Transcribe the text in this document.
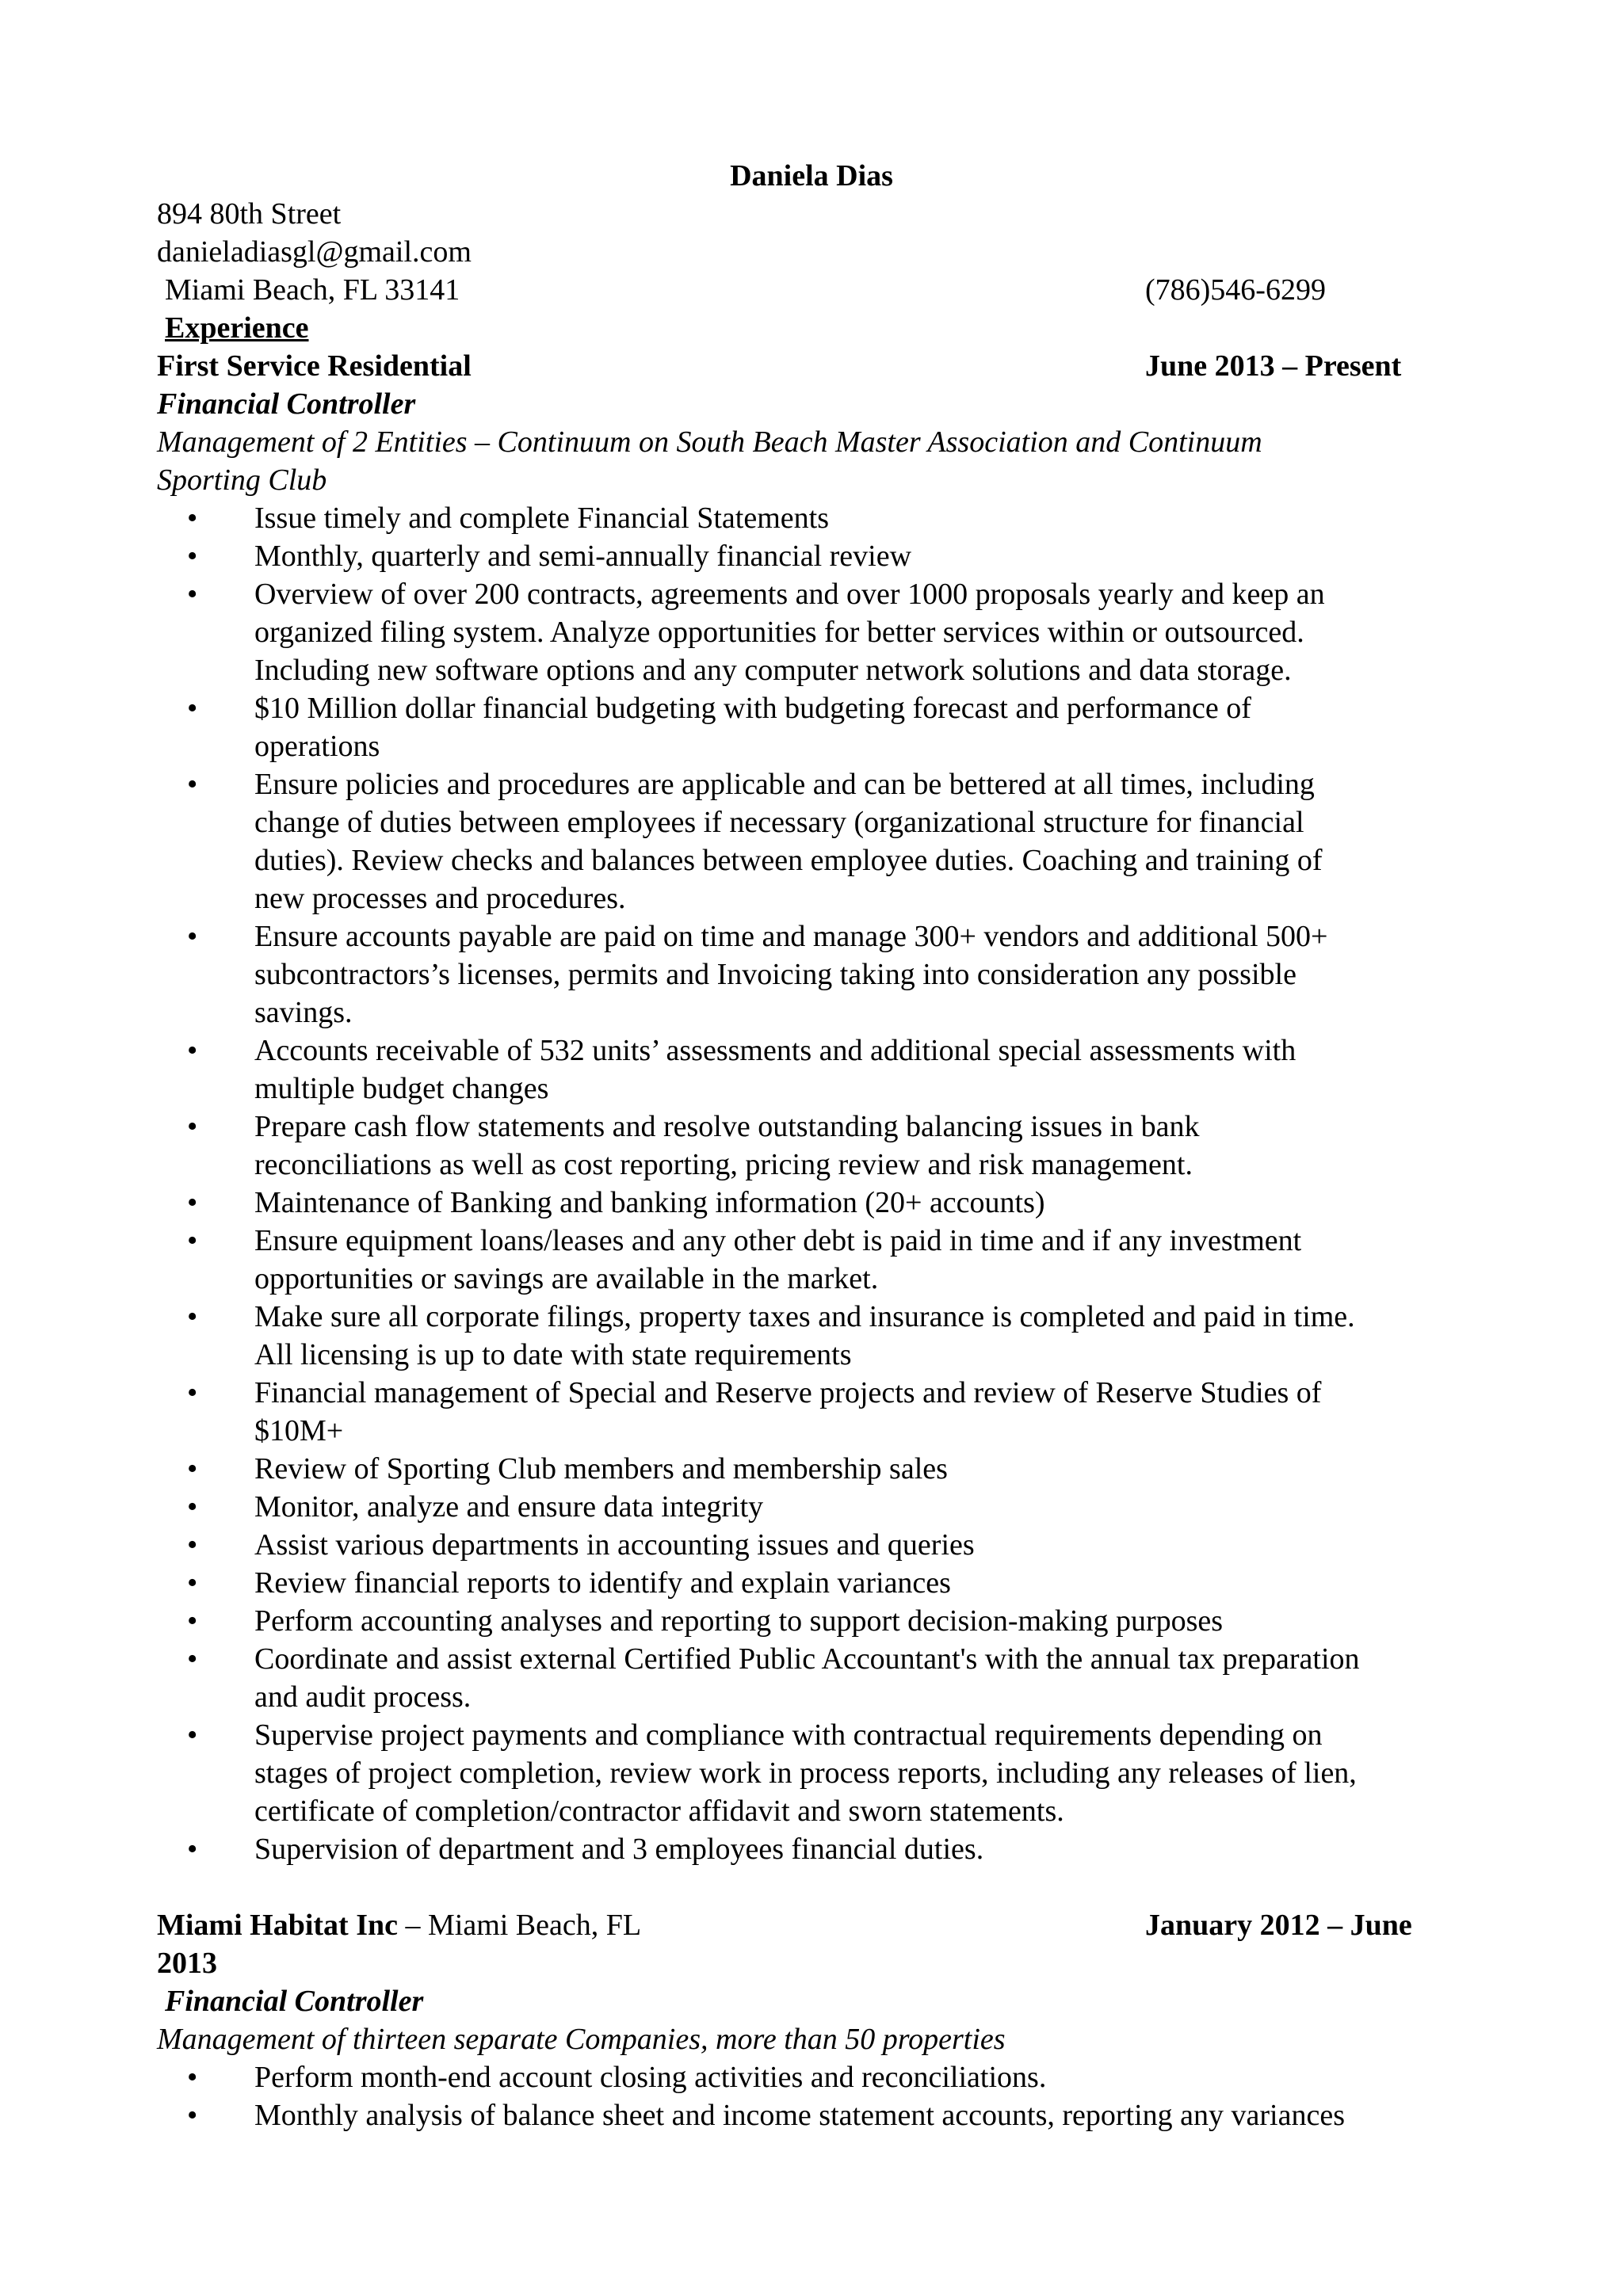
Daniela Dias
894 80th Street
danieladiasgl@gmail.com
Miami Beach, FL 33141	(786)546-6299
Experience
First Service Residential	June 2013 – Present
Financial Controller
Management of 2 Entities – Continuum on South Beach Master Association and Continuum
Sporting Club
• Issue timely and complete Financial Statements
• Monthly, quarterly and semi-annually financial review
• Overview of over 200 contracts, agreements and over 1000 proposals yearly and keep an
organized filing system. Analyze opportunities for better services within or outsourced.
Including new software options and any computer network solutions and data storage.
• $10 Million dollar financial budgeting with budgeting forecast and performance of
operations
• Ensure policies and procedures are applicable and can be bettered at all times, including
change of duties between employees if necessary (organizational structure for financial
duties). Review checks and balances between employee duties. Coaching and training of
new processes and procedures.
• Ensure accounts payable are paid on time and manage 300+ vendors and additional 500+
subcontractors’s licenses, permits and Invoicing taking into consideration any possible
savings.
• Accounts receivable of 532 units’ assessments and additional special assessments with
multiple budget changes
• Prepare cash flow statements and resolve outstanding balancing issues in bank
reconciliations as well as cost reporting, pricing review and risk management.
• Maintenance of Banking and banking information (20+ accounts)
• Ensure equipment loans/leases and any other debt is paid in time and if any investment
opportunities or savings are available in the market.
• Make sure all corporate filings, property taxes and insurance is completed and paid in time.
All licensing is up to date with state requirements
• Financial management of Special and Reserve projects and review of Reserve Studies of
$10M+
• Review of Sporting Club members and membership sales
• Monitor, analyze and ensure data integrity
• Assist various departments in accounting issues and queries
• Review financial reports to identify and explain variances
• Perform accounting analyses and reporting to support decision-making purposes
• Coordinate and assist external Certified Public Accountant's with the annual tax preparation
and audit process.
• Supervise project payments and compliance with contractual requirements depending on
stages of project completion, review work in process reports, including any releases of lien,
certificate of completion/contractor affidavit and sworn statements.
• Supervision of department and 3 employees financial duties.
Miami Habitat Inc – Miami Beach, FL	January 2012 – June
2013
Financial Controller
Management of thirteen separate Companies, more than 50 properties
• Perform month-end account closing activities and reconciliations.
• Monthly analysis of balance sheet and income statement accounts, reporting any variances
